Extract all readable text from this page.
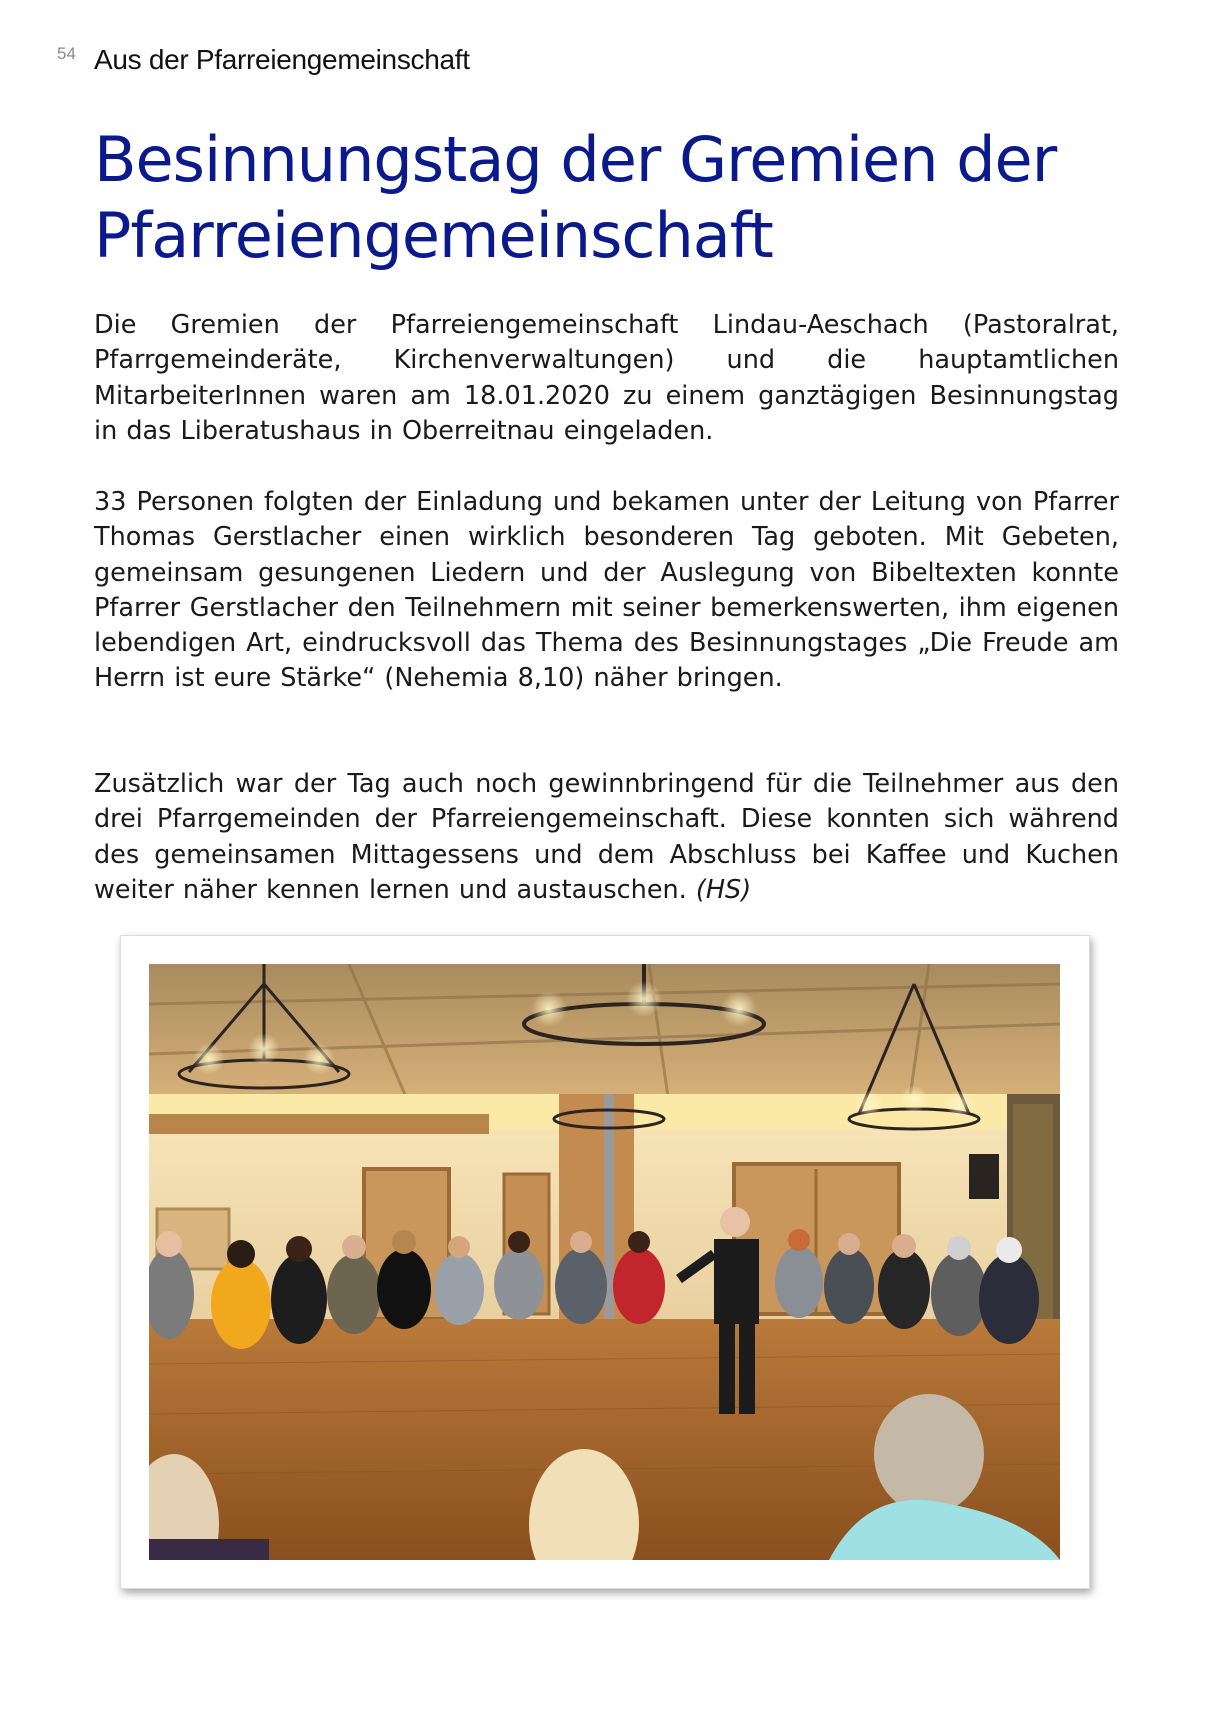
54 Aus der Pfarreiengemeinschaft
Besinnungstag der Gremien der
Pfarreiengemeinschaft

Die Gremien der Pfarreiengemeinschaft Lindau-Aeschach (Pastoralrat, Pfarrgemeinderäte, Kirchenverwaltungen) und die hauptamtlichen MitarbeiterInnen waren am 18.01.2020 zu einem ganztägigen Besinnungstag in das Liberatushaus in Oberreitnau eingeladen.

33 Personen folgten der Einladung und bekamen unter der Leitung von Pfarrer Thomas Gerstlacher einen wirklich besonderen Tag geboten. Mit Gebeten, gemeinsam gesungenen Liedern und der Auslegung von Bibeltexten konnte Pfarrer Gerstlacher den Teilnehmern mit seiner bemerkenswerten, ihm eigenen lebendigen Art, eindrucksvoll das Thema des Besinnungstages „Die Freude am Herrn ist eure Stärke“ (Nehemia 8,10) näher bringen.

Zusätzlich war der Tag auch noch gewinnbringend für die Teilnehmer aus den drei Pfarrgemeinden der Pfarreiengemeinschaft. Diese konnten sich während des gemeinsamen Mittagessens und dem Abschluss bei Kaffee und Kuchen weiter näher kennen lernen und austauschen. (HS)
